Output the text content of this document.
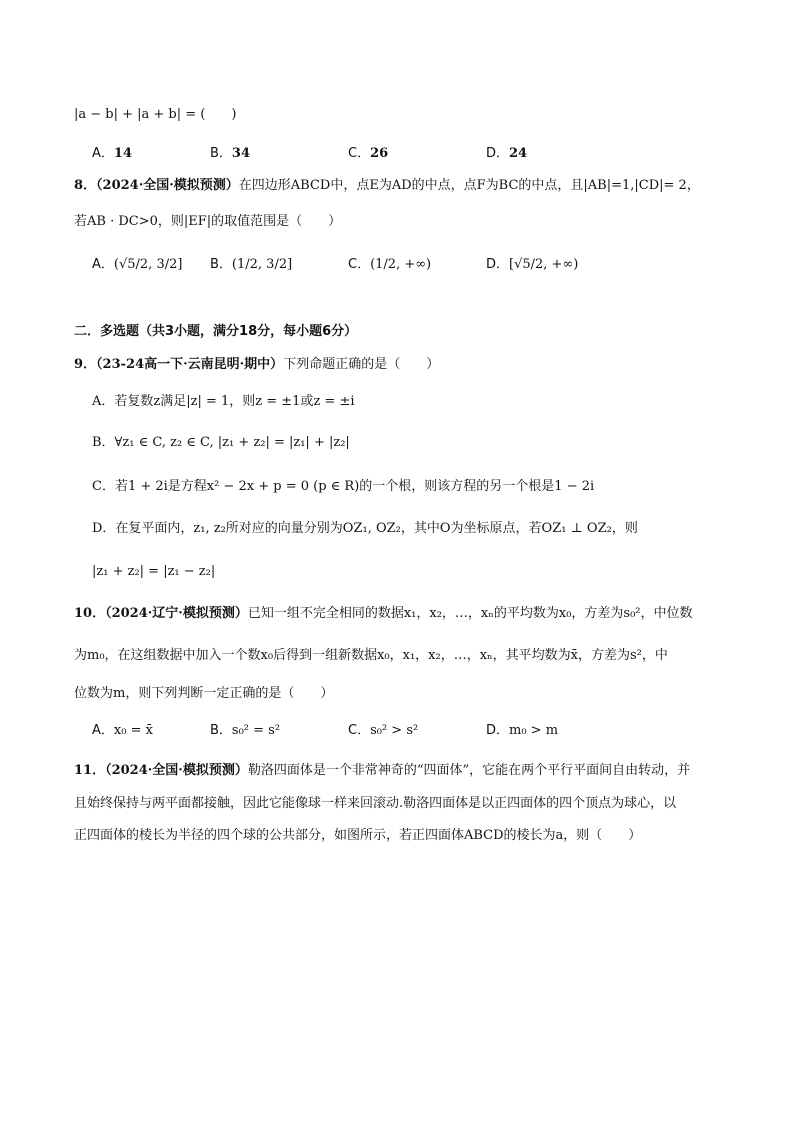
|a − b| + |a + b| = (　　)
A．14	B．34	C．26	D．24
8．（2024·全国·模拟预测）在四边形ABCD中，点E为AD的中点，点F为BC的中点，且|AB|=1,|CD|= 2，
若AB · DC>0，则|EF|的取值范围是（　　）
A．(√5/2, 3/2] B．(1/2, 3/2]	C．(1/2, +∞)	D．[√5/2, +∞)
二．多选题（共3小题，满分18分，每小题6分）
9．（23-24高一下·云南昆明·期中）下列命题正确的是（　　）
A．若复数z满足|z| = 1，则z = ±1或z = ±i
B．∀z₁ ∈ C, z₂ ∈ C, |z₁ + z₂| = |z₁| + |z₂|
C．若1 + 2i是方程x² − 2x + p = 0 (p ∈ R)的一个根，则该方程的另一个根是1 − 2i
D．在复平面内，z₁, z₂所对应的向量分别为OZ₁, OZ₂，其中O为坐标原点，若OZ₁ ⊥ OZ₂，则
|z₁ + z₂| = |z₁ − z₂|
10．（2024·辽宁·模拟预测）已知一组不完全相同的数据x₁，x₂，…，xₙ的平均数为x₀，方差为s₀²，中位数
为m₀，在这组数据中加入一个数x₀后得到一组新数据x₀，x₁，x₂，…，xₙ，其平均数为x̄，方差为s²，中
位数为m，则下列判断一定正确的是（　　）
A．x₀ = x̄	B．s₀² = s²	C．s₀² > s²	D．m₀ > m
11．（2024·全国·模拟预测）勒洛四面体是一个非常神奇的“四面体”，它能在两个平行平面间自由转动，并
且始终保持与两平面都接触，因此它能像球一样来回滚动.勒洛四面体是以正四面体的四个顶点为球心，以
正四面体的棱长为半径的四个球的公共部分，如图所示，若正四面体ABCD的棱长为a，则（　　）
